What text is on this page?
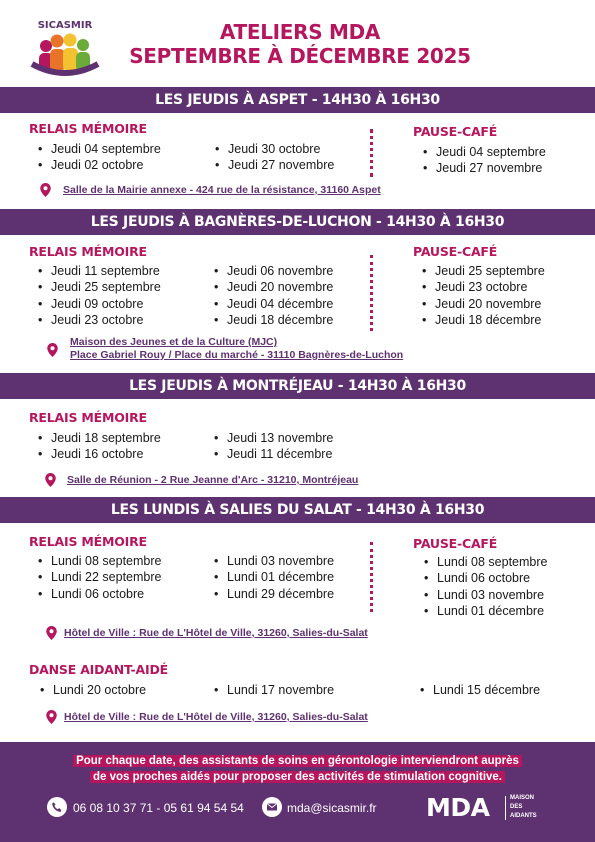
SICASMIR	ATELIERS MDA
SEPTEMBRE À DÉCEMBRE 2025
LES JEUDIS À ASPET - 14H30 À 16H30
RELAIS MÉMOIRE
• Jeudi 04 septembre
• Jeudi 02 octobre
• Jeudi 30 octobre
• Jeudi 27 novembre
PAUSE-CAFÉ
• Jeudi 04 septembre
• Jeudi 27 novembre
Salle de la Mairie annexe - 424 rue de la résistance, 31160 Aspet
LES JEUDIS À BAGNÈRES-DE-LUCHON - 14H30 À 16H30
RELAIS MÉMOIRE
• Jeudi 11 septembre
• Jeudi 25 septembre
• Jeudi 09 octobre
• Jeudi 23 octobre
• Jeudi 06 novembre
• Jeudi 20 novembre
• Jeudi 04 décembre
• Jeudi 18 décembre
PAUSE-CAFÉ
• Jeudi 25 septembre
• Jeudi 23 octobre
• Jeudi 20 novembre
• Jeudi 18 décembre
Maison des Jeunes et de la Culture (MJC)
Place Gabriel Rouy / Place du marché - 31110 Bagnères-de-Luchon
LES JEUDIS À MONTRÉJEAU - 14H30 À 16H30
RELAIS MÉMOIRE
• Jeudi 18 septembre
• Jeudi 16 octobre
• Jeudi 13 novembre
• Jeudi 11 décembre
Salle de Réunion - 2 Rue Jeanne d'Arc - 31210, Montréjeau
LES LUNDIS À SALIES DU SALAT - 14H30 À 16H30
RELAIS MÉMOIRE
• Lundi 08 septembre
• Lundi 22 septembre
• Lundi 06 octobre
• Lundi 03 novembre
• Lundi 01 décembre
• Lundi 29 décembre
PAUSE-CAFÉ
• Lundi 08 septembre
• Lundi 06 octobre
• Lundi 03 novembre
• Lundi 01 décembre
Hôtel de Ville : Rue de L'Hôtel de Ville, 31260, Salies-du-Salat
DANSE AIDANT-AIDÉ
• Lundi 20 octobre	• Lundi 17 novembre	• Lundi 15 décembre
Hôtel de Ville : Rue de L'Hôtel de Ville, 31260, Salies-du-Salat
Pour chaque date, des assistants de soins en gérontologie interviendront auprès
de vos proches aidés pour proposer des activités de stimulation cognitive.
06 08 10 37 71 - 05 61 94 54 54	mda@sicasmir.fr MDA	MAISON
DES
AIDANTS
